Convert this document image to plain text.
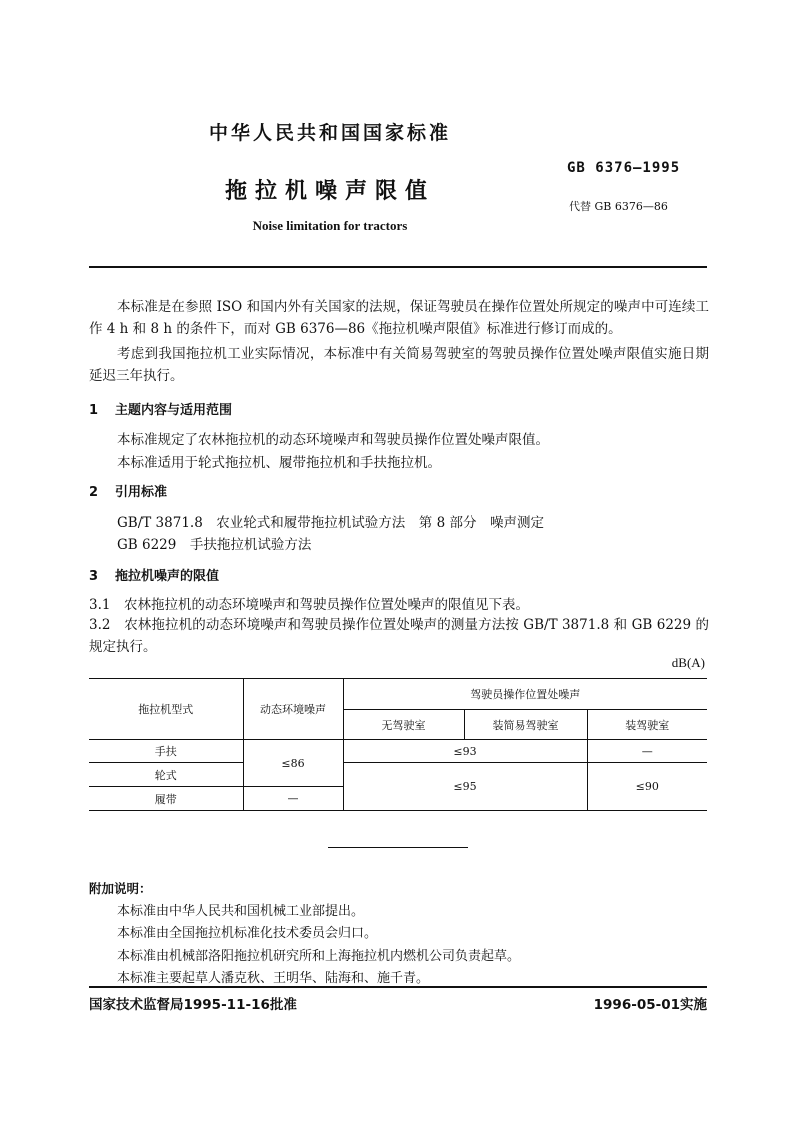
中华人民共和国国家标准
GB 6376—1995
拖拉机噪声限值
代替 GB 6376—86
Noise limitation for tractors
本标准是在参照 ISO 和国内外有关国家的法规，保证驾驶员在操作位置处所规定的噪声中可连续工作 4 h 和 8 h 的条件下，而对 GB 6376—86《拖拉机噪声限值》标准进行修订而成的。
考虑到我国拖拉机工业实际情况，本标准中有关简易驾驶室的驾驶员操作位置处噪声限值实施日期延迟三年执行。
1 主题内容与适用范围
本标准规定了农林拖拉机的动态环境噪声和驾驶员操作位置处噪声限值。
本标准适用于轮式拖拉机、履带拖拉机和手扶拖拉机。
2 引用标准
GB/T 3871.8　农业轮式和履带拖拉机试验方法　第 8 部分　噪声测定
GB 6229　手扶拖拉机试验方法
3 拖拉机噪声的限值
3.1　农林拖拉机的动态环境噪声和驾驶员操作位置处噪声的限值见下表。
3.2　农林拖拉机的动态环境噪声和驾驶员操作位置处噪声的测量方法按 GB/T 3871.8 和 GB 6229 的规定执行。
dB(A)
拖拉机型式	动态环境噪声	驾驶员操作位置处噪声		
		无驾驶室	装简易驾驶室	装驾驶室
手扶	≤86	≤93		—
轮式		≤95		≤90
履带	—			
附加说明：
本标准由中华人民共和国机械工业部提出。
本标准由全国拖拉机标准化技术委员会归口。
本标准由机械部洛阳拖拉机研究所和上海拖拉机内燃机公司负责起草。
本标准主要起草人潘克秋、王明华、陆海和、施千青。
国家技术监督局1995-11-16批准	1996-05-01实施
